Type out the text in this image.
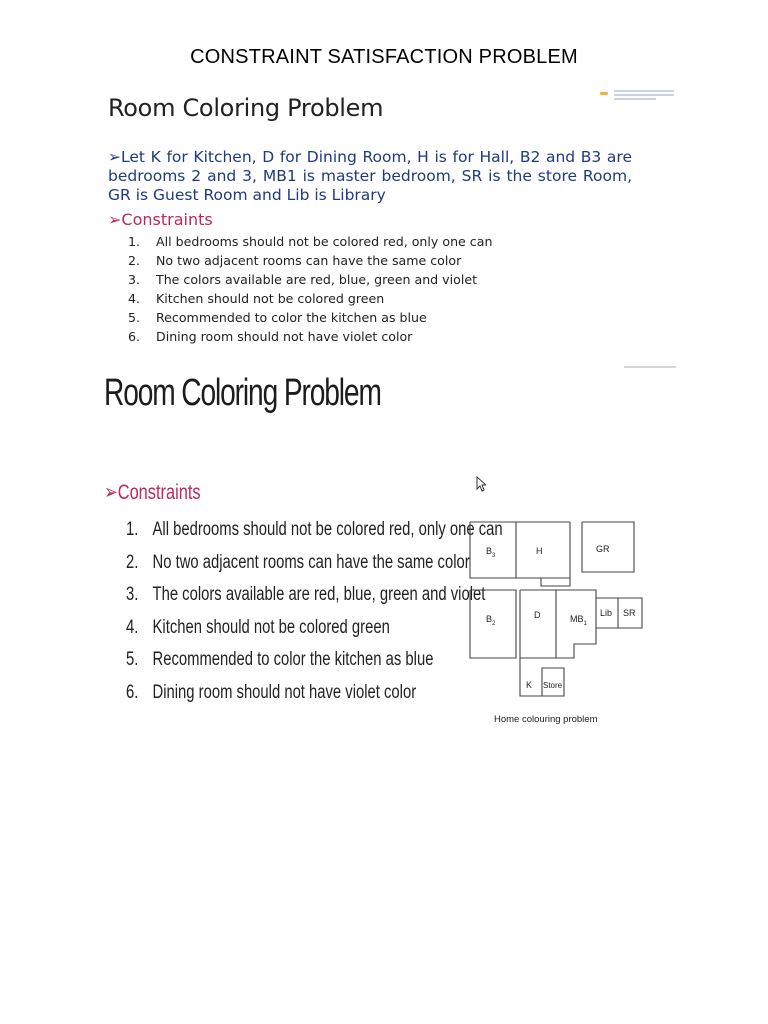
CONSTRAINT SATISFACTION PROBLEM
Room Coloring Problem
➢Let K for Kitchen, D for Dining Room, H is for Hall, B2 and B3 are bedrooms 2 and 3, MB1 is master bedroom, SR is the store Room, GR is Guest Room and Lib is Library
➢Constraints
1. All bedrooms should not be colored red, only one can
2. No two adjacent rooms can have the same color
3. The colors available are red, blue, green and violet
4. Kitchen should not be colored green
5. Recommended to color the kitchen as blue
6. Dining room should not have violet color
Room Coloring Problem
➢Constraints
1. All bedrooms should not be colored red, only one can
2. No two adjacent rooms can have the same color
3. The colors available are red, blue, green and violet
4. Kitchen should not be colored green
5. Recommended to color the kitchen as blue
6. Dining room should not have violet color
$B_3$	H	GR
$B_2$
D	$MB_1$
Lib SR
K Store
Home colouring problem
